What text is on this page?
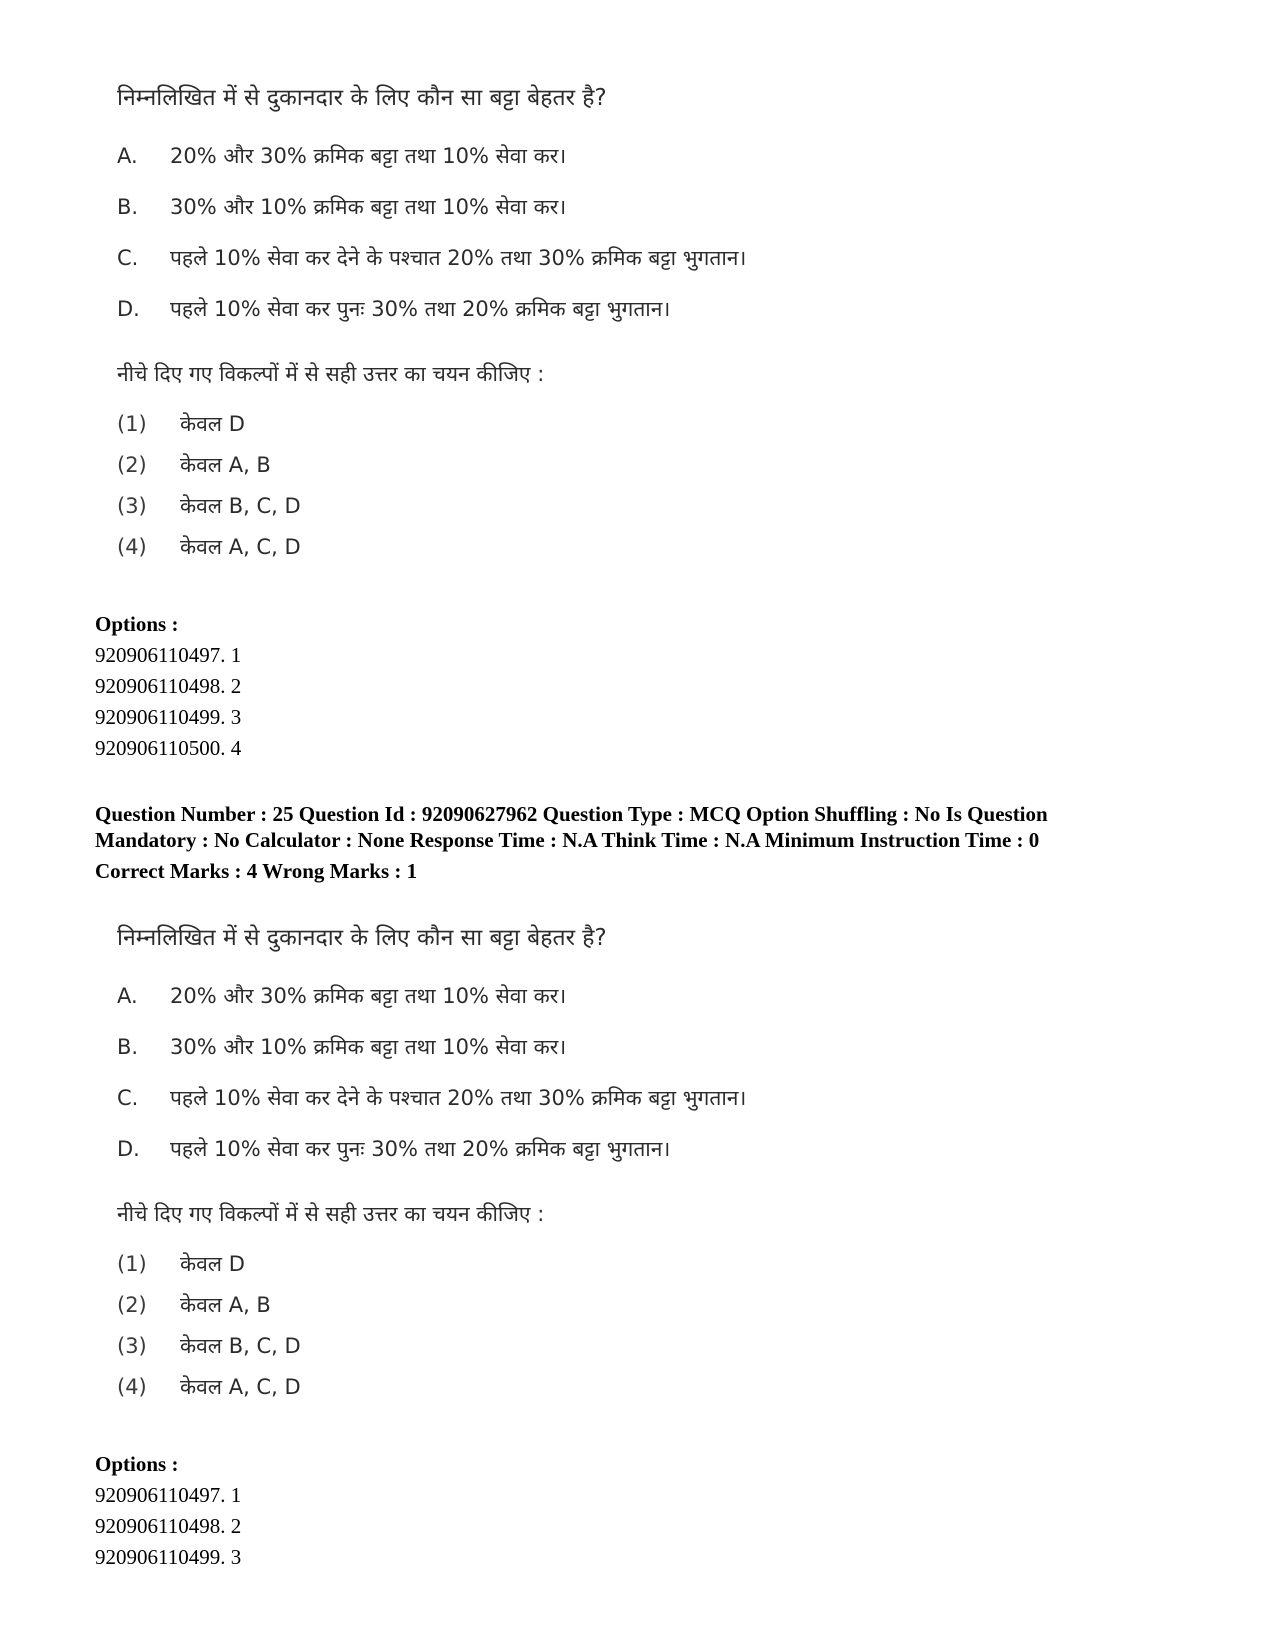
निम्नलिखित में से दुकानदार के लिए कौन सा बट्टा बेहतर है?
A.	20% और 30% क्रमिक बट्टा तथा 10% सेवा कर।
B.	30% और 10% क्रमिक बट्टा तथा 10% सेवा कर।
C.	पहले 10% सेवा कर देने के पश्चात 20% तथा 30% क्रमिक बट्टा भुगतान।
D.	पहले 10% सेवा कर पुनः 30% तथा 20% क्रमिक बट्टा भुगतान।
नीचे दिए गए विकल्पों में से सही उत्तर का चयन कीजिए :
(1)	केवल D
(2)	केवल A, B
(3)	केवल B, C, D
(4)	केवल A, C, D
Options :
920906110497. 1
920906110498. 2
920906110499. 3
920906110500. 4
Question Number : 25 Question Id : 92090627962 Question Type : MCQ Option Shuffling : No Is Question
Mandatory : No Calculator : None Response Time : N.A Think Time : N.A Minimum Instruction Time : 0
Correct Marks : 4 Wrong Marks : 1
निम्नलिखित में से दुकानदार के लिए कौन सा बट्टा बेहतर है?
A.	20% और 30% क्रमिक बट्टा तथा 10% सेवा कर।
B.	30% और 10% क्रमिक बट्टा तथा 10% सेवा कर।
C.	पहले 10% सेवा कर देने के पश्चात 20% तथा 30% क्रमिक बट्टा भुगतान।
D.	पहले 10% सेवा कर पुनः 30% तथा 20% क्रमिक बट्टा भुगतान।
नीचे दिए गए विकल्पों में से सही उत्तर का चयन कीजिए :
(1)	केवल D
(2)	केवल A, B
(3)	केवल B, C, D
(4)	केवल A, C, D
Options :
920906110497. 1
920906110498. 2
920906110499. 3
